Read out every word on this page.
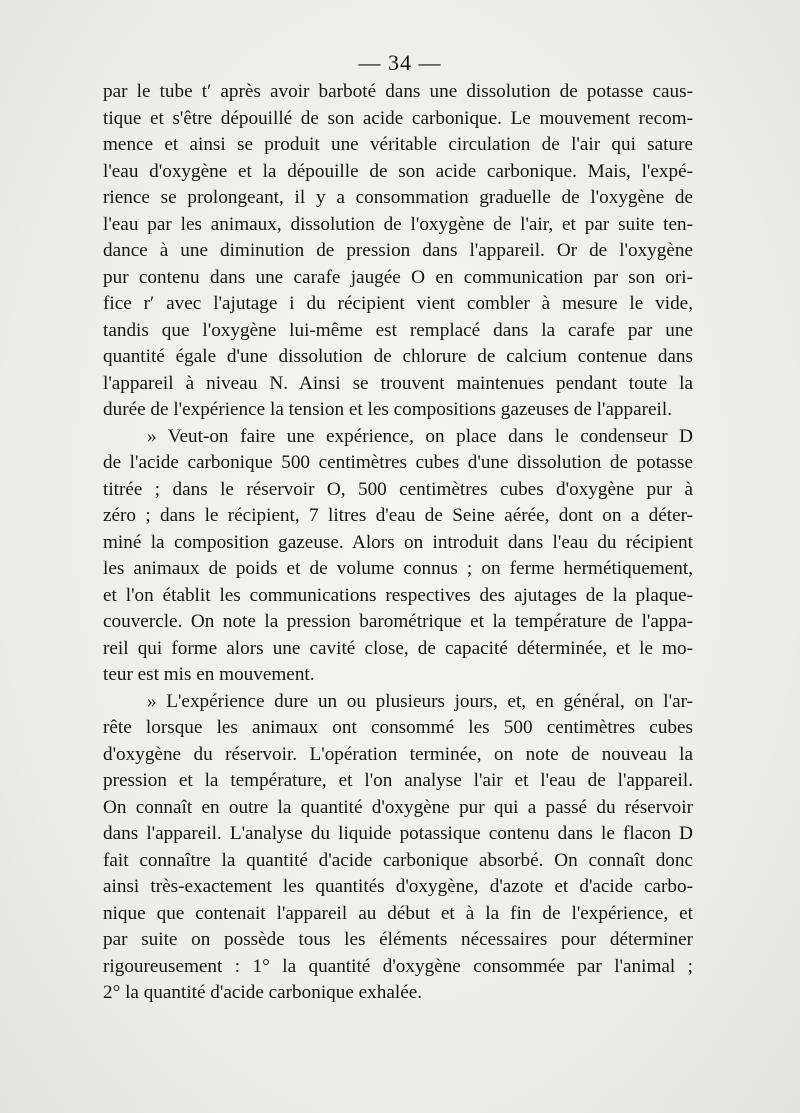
— 34 —
par le tube t′ après avoir barboté dans une dissolution de potasse caus-
tique et s'être dépouillé de son acide carbonique. Le mouvement recom-
mence et ainsi se produit une véritable circulation de l'air qui sature
l'eau d'oxygène et la dépouille de son acide carbonique. Mais, l'expé-
rience se prolongeant, il y a consommation graduelle de l'oxygène de
l'eau par les animaux, dissolution de l'oxygène de l'air, et par suite ten-
dance à une diminution de pression dans l'appareil. Or de l'oxygène
pur contenu dans une carafe jaugée O en communication par son ori-
fice r′ avec l'ajutage i du récipient vient combler à mesure le vide,
tandis que l'oxygène lui-même est remplacé dans la carafe par une
quantité égale d'une dissolution de chlorure de calcium contenue dans
l'appareil à niveau N. Ainsi se trouvent maintenues pendant toute la
durée de l'expérience la tension et les compositions gazeuses de l'appareil.
» Veut-on faire une expérience, on place dans le condenseur D
de l'acide carbonique 500 centimètres cubes d'une dissolution de potasse
titrée ; dans le réservoir O, 500 centimètres cubes d'oxygène pur à
zéro ; dans le récipient, 7 litres d'eau de Seine aérée, dont on a déter-
miné la composition gazeuse. Alors on introduit dans l'eau du récipient
les animaux de poids et de volume connus ; on ferme hermétiquement,
et l'on établit les communications respectives des ajutages de la plaque-
couvercle. On note la pression barométrique et la température de l'appa-
reil qui forme alors une cavité close, de capacité déterminée, et le mo-
teur est mis en mouvement.
» L'expérience dure un ou plusieurs jours, et, en général, on l'ar-
rête lorsque les animaux ont consommé les 500 centimètres cubes
d'oxygène du réservoir. L'opération terminée, on note de nouveau la
pression et la température, et l'on analyse l'air et l'eau de l'appareil.
On connaît en outre la quantité d'oxygène pur qui a passé du réservoir
dans l'appareil. L'analyse du liquide potassique contenu dans le flacon D
fait connaître la quantité d'acide carbonique absorbé. On connaît donc
ainsi très-exactement les quantités d'oxygène, d'azote et d'acide carbo-
nique que contenait l'appareil au début et à la fin de l'expérience, et
par suite on possède tous les éléments nécessaires pour déterminer
rigoureusement : 1° la quantité d'oxygène consommée par l'animal ;
2° la quantité d'acide carbonique exhalée.
